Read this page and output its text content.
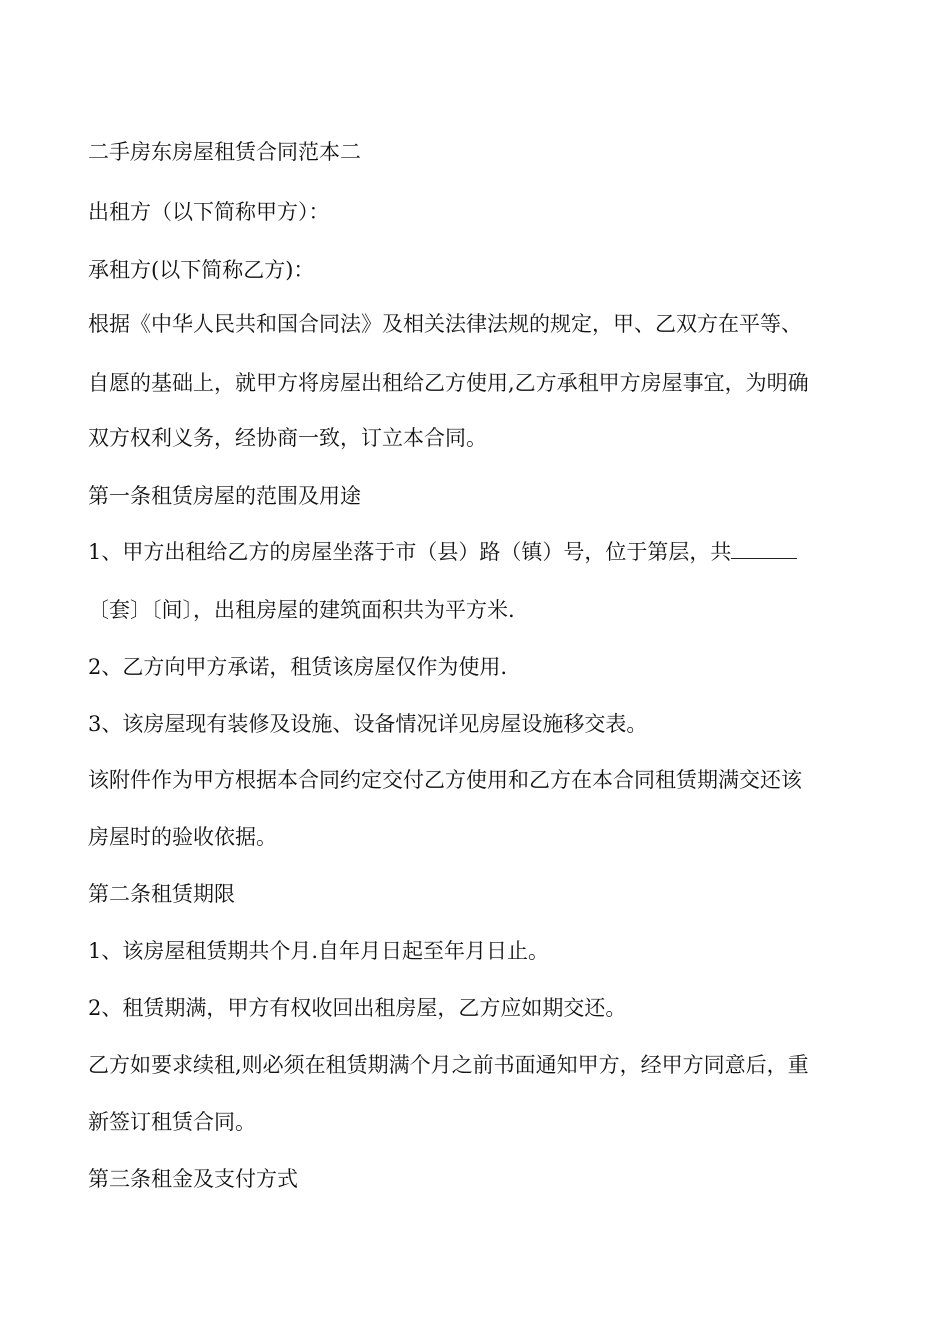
二手房东房屋租赁合同范本二

出租方（以下简称甲方）：

承租方(以下简称乙方)：

根据《中华人民共和国合同法》及相关法律法规的规定，甲、乙双方在平等、

自愿的基础上，就甲方将房屋出租给乙方使用,乙方承租甲方房屋事宜，为明确

双方权利义务，经协商一致，订立本合同。

第一条租赁房屋的范围及用途

1、甲方出租给乙方的房屋坐落于市（县）路（镇）号，位于第层，共

〔套〕〔间〕，出租房屋的建筑面积共为平方米.

2、乙方向甲方承诺，租赁该房屋仅作为使用.

3、该房屋现有装修及设施、设备情况详见房屋设施移交表。

该附件作为甲方根据本合同约定交付乙方使用和乙方在本合同租赁期满交还该

房屋时的验收依据。

第二条租赁期限

1、该房屋租赁期共个月.自年月日起至年月日止。

2、租赁期满，甲方有权收回出租房屋，乙方应如期交还。

乙方如要求续租,则必须在租赁期满个月之前书面通知甲方，经甲方同意后，重

新签订租赁合同。

第三条租金及支付方式
